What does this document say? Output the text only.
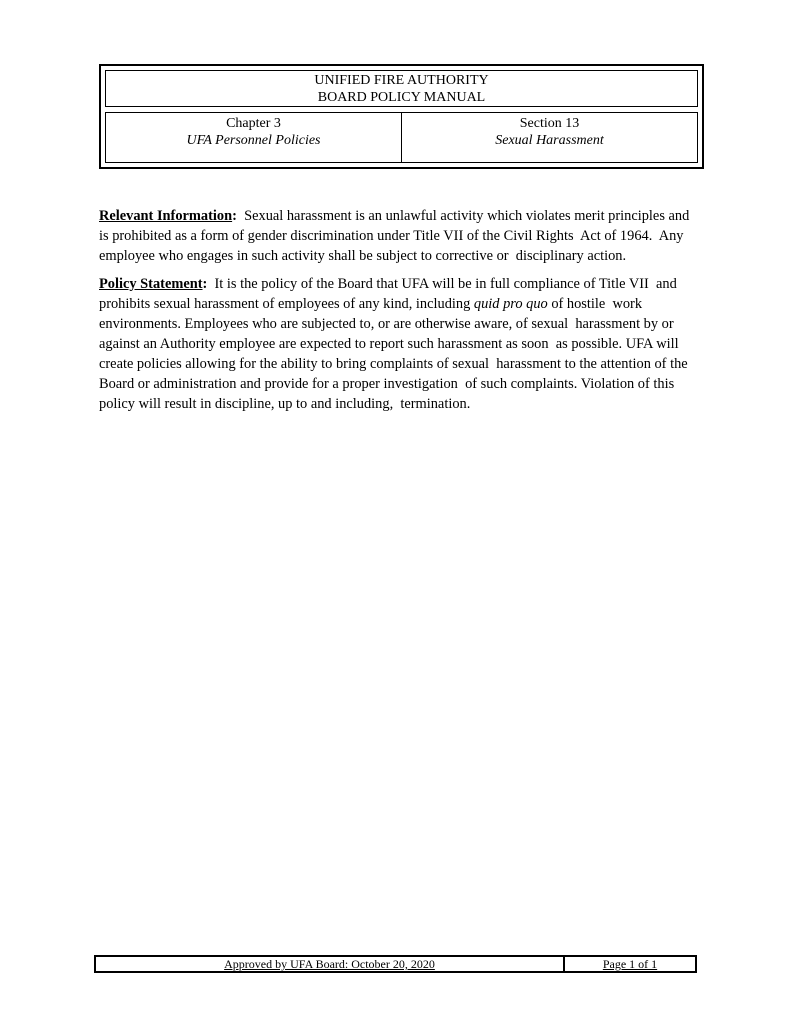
UNIFIED FIRE AUTHORITY
BOARD POLICY MANUAL
Chapter 3
UFA Personnel Policies
Section 13
Sexual Harassment

Relevant Information:  Sexual harassment is an unlawful activity which violates merit principles and is prohibited as a form of gender discrimination under Title VII of the Civil Rights  Act of 1964.  Any employee who engages in such activity shall be subject to corrective or  disciplinary action.

Policy Statement:  It is the policy of the Board that UFA will be in full compliance of Title VII  and prohibits sexual harassment of employees of any kind, including quid pro quo of hostile  work environments. Employees who are subjected to, or are otherwise aware, of sexual  harassment by or against an Authority employee are expected to report such harassment as soon  as possible. UFA will create policies allowing for the ability to bring complaints of sexual  harassment to the attention of the Board or administration and provide for a proper investigation  of such complaints. Violation of this policy will result in discipline, up to and including,  termination.

Approved by UFA Board: October 20, 2020	Page 1 of 1
